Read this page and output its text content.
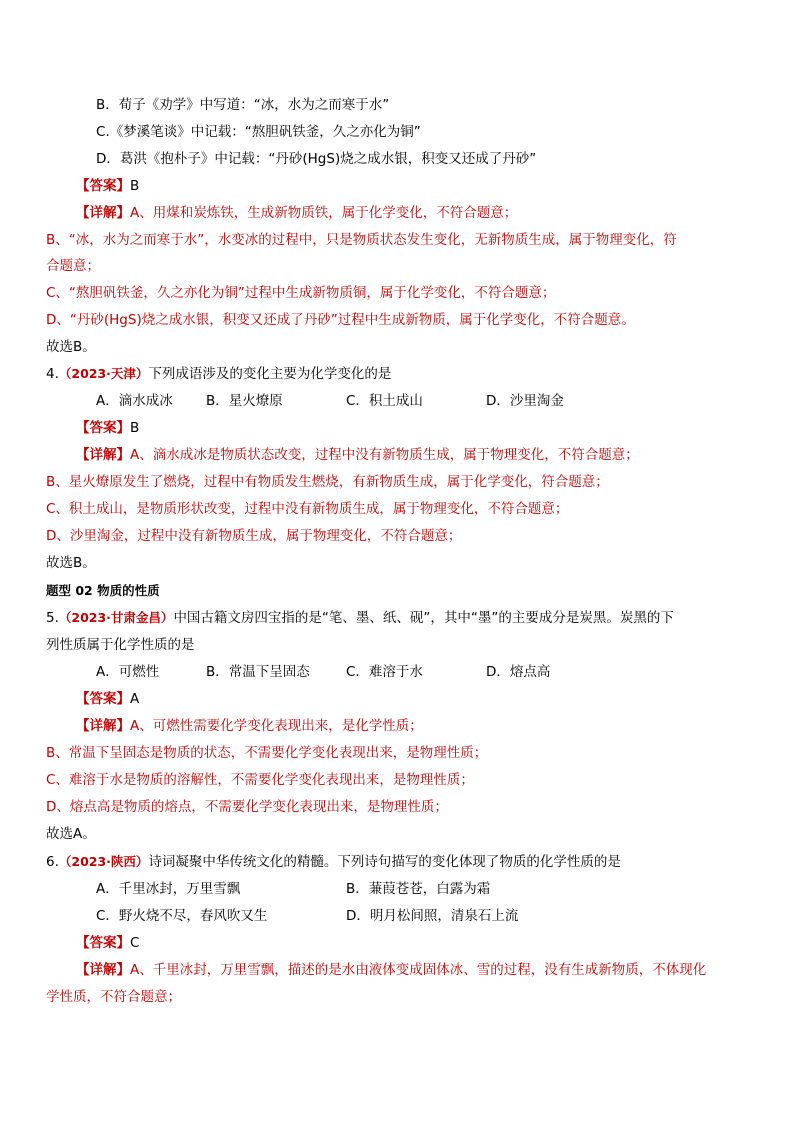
B．荀子《劝学》中写道：“冰，水为之而寒于水”
C.《梦溪笔谈》中记载：“熬胆矾铁釜，久之亦化为铜”
D．葛洪《抱朴子》中记载：“丹砂(HgS)烧之成水银，积变又还成了丹砂”
【答案】B
【详解】A、用煤和炭炼铁，生成新物质铁，属于化学变化，不符合题意；
B、“冰，水为之而寒于水”，水变冰的过程中，只是物质状态发生变化，无新物质生成，属于物理变化，符
合题意；
C、“熬胆矾铁釜，久之亦化为铜”过程中生成新物质铜，属于化学变化，不符合题意；
D、“丹砂(HgS)烧之成水银，积变又还成了丹砂”过程中生成新物质，属于化学变化，不符合题意。
故选B。
4.（2023·天津）下列成语涉及的变化主要为化学变化的是
A．滴水成冰 B．星火燎原	C．积土成山	D．沙里淘金
【答案】B
【详解】A、滴水成冰是物质状态改变，过程中没有新物质生成，属于物理变化，不符合题意；
B、星火燎原发生了燃烧，过程中有物质发生燃烧，有新物质生成，属于化学变化，符合题意；
C、积土成山，是物质形状改变，过程中没有新物质生成，属于物理变化，不符合题意；
D、沙里淘金，过程中没有新物质生成，属于物理变化，不符合题意；
故选B。
题型 02 物质的性质
5.（2023·甘肃金昌）中国古籍文房四宝指的是“笔、墨、纸、砚”，其中“墨”的主要成分是炭黑。炭黑的下
列性质属于化学性质的是
A．可燃性	B．常温下呈固态	C．难溶于水	D．熔点高
【答案】A
【详解】A、可燃性需要化学变化表现出来，是化学性质；
B、常温下呈固态是物质的状态，不需要化学变化表现出来，是物理性质；
C、难溶于水是物质的溶解性，不需要化学变化表现出来，是物理性质；
D、熔点高是物质的熔点，不需要化学变化表现出来，是物理性质；
故选A。
6.（2023·陕西）诗词凝聚中华传统文化的精髓。下列诗句描写的变化体现了物质的化学性质的是
A．千里冰封，万里雪飘	B．蒹葭苍苍，白露为霜
C．野火烧不尽，春风吹又生	D．明月松间照，清泉石上流
【答案】C
【详解】A、千里冰封，万里雪飘，描述的是水由液体变成固体冰、雪的过程，没有生成新物质，不体现化
学性质，不符合题意；
